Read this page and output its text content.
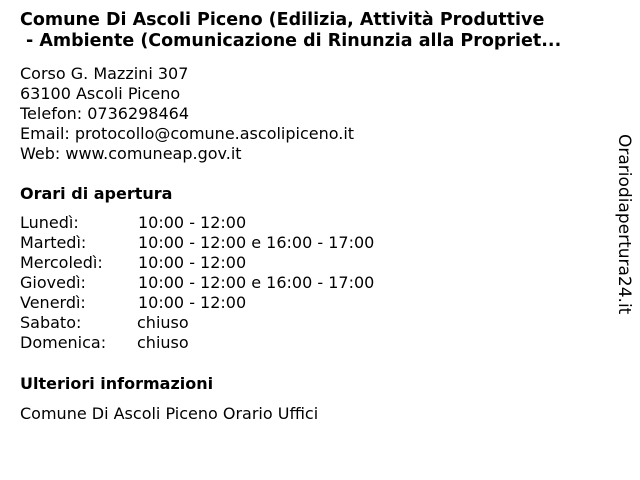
Comune Di Ascoli Piceno (Edilizia, Attività Produttive
- Ambiente (Comunicazione di Rinunzia alla Propriet...
Corso G. Mazzini 307
63100 Ascoli Piceno
Telefon: 0736298464
Email: protocollo@comune.ascolipiceno.it
Web: www.comuneap.gov.it
Orari di apertura
Lunedì:	10:00 - 12:00
Martedì:	10:00 - 12:00 e 16:00 - 17:00
Mercoledì: 10:00 - 12:00
Giovedì:	10:00 - 12:00 e 16:00 - 17:00
Venerdì:	10:00 - 12:00
Sabato:	chiuso
Domenica: chiuso
Ulteriori informazioni
Comune Di Ascoli Piceno Orario Uffici
Orariodiapertura24.it
